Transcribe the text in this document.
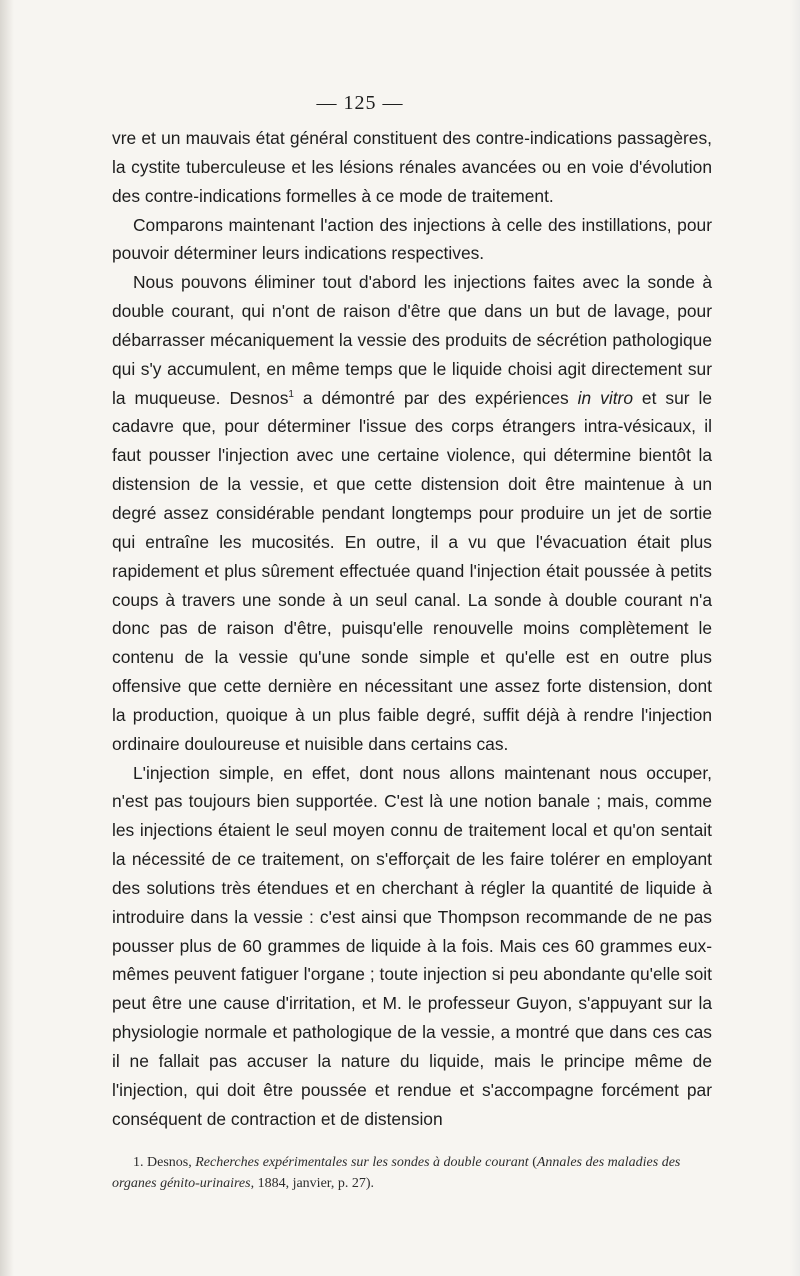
— 125 —

vre et un mauvais état général constituent des contre-indications passagères, la cystite tuberculeuse et les lésions rénales avancées ou en voie d'évolution des contre-indications formelles à ce mode de traitement.

Comparons maintenant l'action des injections à celle des instillations, pour pouvoir déterminer leurs indications respectives.

Nous pouvons éliminer tout d'abord les injections faites avec la sonde à double courant, qui n'ont de raison d'être que dans un but de lavage, pour débarrasser mécaniquement la vessie des produits de sécrétion pathologique qui s'y accumulent, en même temps que le liquide choisi agit directement sur la muqueuse. Desnos$^1$ a démontré par des expériences in vitro et sur le cadavre que, pour déterminer l'issue des corps étrangers intra-vésicaux, il faut pousser l'injection avec une certaine violence, qui détermine bientôt la distension de la vessie, et que cette distension doit être maintenue à un degré assez considérable pendant longtemps pour produire un jet de sortie qui entraîne les mucosités. En outre, il a vu que l'évacuation était plus rapidement et plus sûrement effectuée quand l'injection était poussée à petits coups à travers une sonde à un seul canal. La sonde à double courant n'a donc pas de raison d'être, puisqu'elle renouvelle moins complètement le contenu de la vessie qu'une sonde simple et qu'elle est en outre plus offensive que cette dernière en nécessitant une assez forte distension, dont la production, quoique à un plus faible degré, suffit déjà à rendre l'injection ordinaire douloureuse et nuisible dans certains cas.

L'injection simple, en effet, dont nous allons maintenant nous occuper, n'est pas toujours bien supportée. C'est là une notion banale ; mais, comme les injections étaient le seul moyen connu de traitement local et qu'on sentait la nécessité de ce traitement, on s'efforçait de les faire tolérer en employant des solutions très étendues et en cherchant à régler la quantité de liquide à introduire dans la vessie : c'est ainsi que Thompson recommande de ne pas pousser plus de 60 grammes de liquide à la fois. Mais ces 60 grammes eux-mêmes peuvent fatiguer l'organe ; toute injection si peu abondante qu'elle soit peut être une cause d'irritation, et M. le professeur Guyon, s'appuyant sur la physiologie normale et pathologique de la vessie, a montré que dans ces cas il ne fallait pas accuser la nature du liquide, mais le principe même de l'injection, qui doit être poussée et rendue et s'accompagne forcément par conséquent de contraction et de distension

1. Desnos, Recherches expérimentales sur les sondes à double courant (Annales des maladies des organes génito-urinaires, 1884, janvier, p. 27).
